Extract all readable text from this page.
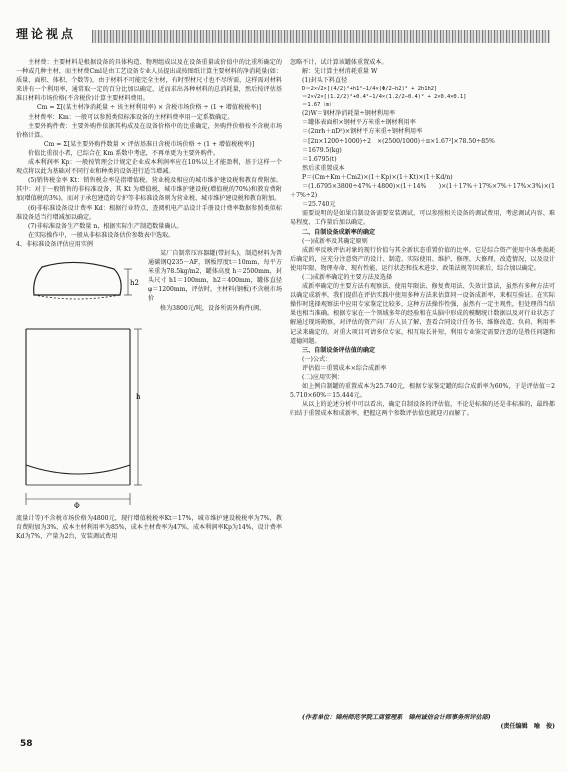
理论视点

主材费：主要材料是根据设备的具体构造、物理组成以及在设备重量或价值中的比重所确定的一种或几种主材，而主材费Cml是由工艺设备专业人员提出或按图纸计算主要材料的净消耗量(如：质量、面积、体积、个数等)，由于材料不可能完全主材，有时型材尺寸也不尽所需，这样需对材料来讲有一个利用率，通常取一定的百分比加以确定，近而求出各种材料的总消耗量，然后按评估基准日材料市场价格(不含税价)计算主要材料费用。

Cm = Σ[(某主材净消耗量 ÷ 该主材利用率) × 含税市场价格 ÷ (1 + 增值税税率)]

主材费率：Km：一般可以参照类似标准设备的主材料费率用一定系数确定。

主要外购件费：主要外购件依据其构成及在设备价格中的比重确定，外购件价格按不含税市场价格计算。

Cm = Σ[某主要外购件数量 × 评估基准日含税市场价格 ÷ (1 + 增值税税率)]

价值比重很小者，已综合在 Km 系数中考虑，不再单更为主要外购件。

成本利润率 Kp：一般按管理会计规定企业成本利润率应在10%以上才能盈利，基于这样一个观点将以此为基础对不同行业和种类的设备进行适当增减。

(5)销售税金率 Kt：销售税金率是指增值税、营业税及相应的城市维护建设税和教育费附加。其中：对于一般销售的非标准设备，其 Kt 为增值税、城市维护建设税(增值税的70%)和教育费附加(增值税的3%)，而对于承包建造的专护等非标准设备则为营业税、城市维护建设税和教育附加。

(6)非标准设备设计费率 Kd：根据行业特点，查阅机电产品设计手册设计费率数据参照类似标准设备适当行增减加以确定。

(7)非标准设备生产数量 n，根据实际生产制造数量确认。

在实际操作中，一般从非标准设备估价参数表中选取。

4、非标准设备评估应用实例

h2
h
Φ

某厂自制常压容器罐(带封头)，制造材料为普通碳钢Q235－AF，钢板厚度t＝10mm，每平方米重为78.5kg/m2，罐体高度 h＝2500mm，封头尺寸 h1＝100mm，h2＝400mm，罐体直径 φ＝1200mm，评估时，主材料(钢板)不含税市场价

格为3800元/吨，设备所需外购件(阀、

流量计等)不含税市场价格为4800元，现行增值税税率Kt＝17%，城市维护建设税税率为7%，教育费附加为3%，成本主材利用率为85%，成本主材费率为47%，成本利润率Kp为14%，设计费率Kd为7%，产量为2台，安装调试费用

忽略不计，试计算该罐体重置成本。

解：先计算主材消耗重量 W

(1)封头下料直径

D＝2×√2×[(4/2)²+h1²−1/4×(Φ/2−h2)² + 2h1h2]

＝2×√2×[(1.2/2)²+0.4²−1/4×(1.2/2−0.4)² + 2×0.4×0.1]

＝1.67（m）

(2)W＝钢材净消耗量÷钢材利用率

＝罐体表面积×钢材平方米重÷钢材利用率

＝(2πrh＋πD²)×钢材平方米重÷钢材利用率

＝[2π×1200÷1000)÷2　×(2500/1000)＋π×1.67²]×78.50÷85%

＝1679.5(kg)

＝1.6795(t)

然后求重置成本

P＝(Cm÷Km＋Cm2)×(1＋Kp)×(1＋Kt)×(1＋Kd/n)

＝(1.6795×3800÷47%＋4800)×(1＋14%　　)×(1＋17%＋17%×7%＋17%×3%)×(1＋7%÷2)

＝25.740元

需要说明的是如果自制设备需要安装调试，可以参照相关设备的调试费用，考虑调试内容、难易程度、工作量后加以确定。

二、自制设备成新率的确定

(一)成新率及其确定原则

成新率反映评估对象的现行价值与其全新状态重置价值的比率。它是综合资产使用中各类损耗后确定的，应充分注意资产的设计、制造、实际使用、维护、修理、大修理、改造情况，以及设计使用年限、物理寿命、现有性能、运行状态和技术进步、政策法规等因素后，综合加以确定。

(二)成新率确定的主要方法及选择

成新率确定的主要方法有观察法、使用年限法、修复费用法、失效计算法，虽然有多种方法可以确定成新率，我们提倡在评估实践中使用多种方法来估算同一设备成新率，来相互验证。在实际操作时选择观察法中应用专家鉴定比较多，这种方法操作性强，虽然有一定主观性，但处理得当结果也相当准确。根据专家在一个领域多年的经验和在头脑中形成的模糊统计数据以及对行业状态了解通过现场勘察，对评估的资产向厂方人员了解，查看合同设计任务书、维修改造、负荷、利用率记录来确定的，对重大项目可请多位专家，相互取长补短，利用专业鉴定需要注意的是胜任问题和道德问题。

三、自制设备评估值的确定

(一)公式：

评估值＝重置成本×综合成新率

(二)应用实例：

如上例自制罐的重置成本为25.740元，根据专家鉴定罐的综合成新率为60%，于是评估值＝25.710×60%＝15.444元。

从以上的论述分析中可以看出，确定自制设备的评估值，不论是标准的还是非标准的，最终都归结于重置成本和成新率，把握这两个参数评估值也就迎刃而解了。

(作者单位：锦州师范学院工商管理系　锦州诚信会计师事务所评估部)

(责任编辑　喻　俊)

58
